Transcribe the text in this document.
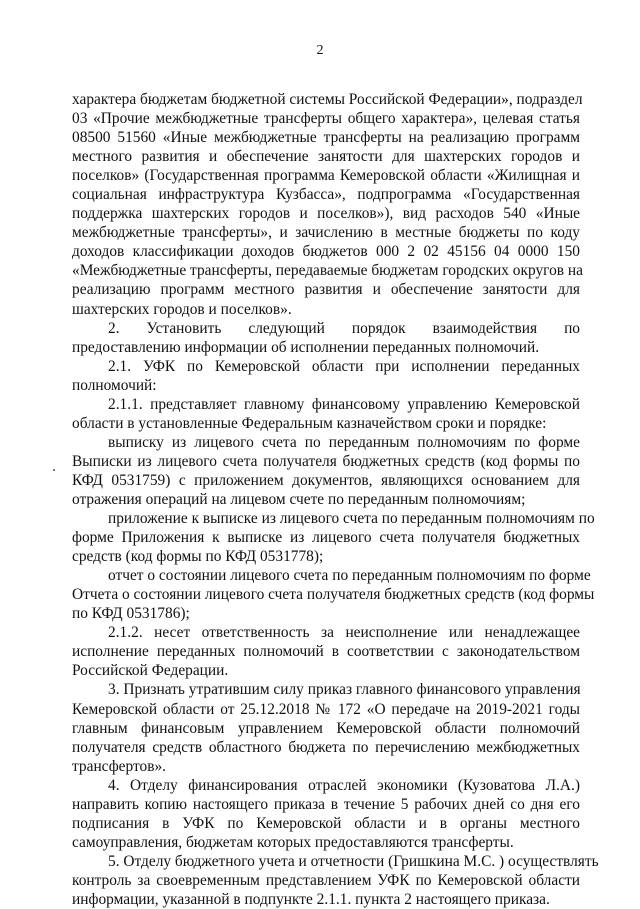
2
характера бюджетам бюджетной системы Российской Федерации», подраздел
03 «Прочие межбюджетные трансферты общего характера», целевая статья
08500 51560 «Иные межбюджетные трансферты на реализацию программ
местного развития и обеспечение занятости для шахтерских городов и
поселков» (Государственная программа Кемеровской области «Жилищная и
социальная инфраструктура Кузбасса», подпрограмма «Государственная
поддержка шахтерских городов и поселков»), вид расходов 540 «Иные
межбюджетные трансферты», и зачислению в местные бюджеты по коду
доходов классификации доходов бюджетов 000 2 02 45156 04 0000 150
«Межбюджетные трансферты, передаваемые бюджетам городских округов на
реализацию программ местного развития и обеспечение занятости для
шахтерских городов и поселков».
2. Установить следующий порядок взаимодействия по
предоставлению информации об исполнении переданных полномочий.
2.1. УФК по Кемеровской области при исполнении переданных
полномочий:
2.1.1. представляет главному финансовому управлению Кемеровской
области в установленные Федеральным казначейством сроки и порядке:
выписку из лицевого счета по переданным полномочиям по форме
Выписки из лицевого счета получателя бюджетных средств (код формы по
КФД 0531759) с приложением документов, являющихся основанием для
отражения операций на лицевом счете по переданным полномочиям;
приложение к выписке из лицевого счета по переданным полномочиям по
форме Приложения к выписке из лицевого счета получателя бюджетных
средств (код формы по КФД 0531778);
отчет о состоянии лицевого счета по переданным полномочиям по форме
Отчета о состоянии лицевого счета получателя бюджетных средств (код формы
по КФД 0531786);
2.1.2. несет ответственность за неисполнение или ненадлежащее
исполнение переданных полномочий в соответствии с законодательством
Российской Федерации.
3. Признать утратившим силу приказ главного финансового управления
Кемеровской области от 25.12.2018 № 172 «О передаче на 2019-2021 годы
главным финансовым управлением Кемеровской области полномочий
получателя средств областного бюджета по перечислению межбюджетных
трансфертов».
4. Отделу финансирования отраслей экономики (Кузоватова Л.А.)
направить копию настоящего приказа в течение 5 рабочих дней со дня его
подписания в УФК по Кемеровской области и в органы местного
самоуправления, бюджетам которых предоставляются трансферты.
5. Отделу бюджетного учета и отчетности (Гришкина М.С. ) осуществлять
контроль за своевременным представлением УФК по Кемеровской области
информации, указанной в подпункте 2.1.1. пункта 2 настоящего приказа.
